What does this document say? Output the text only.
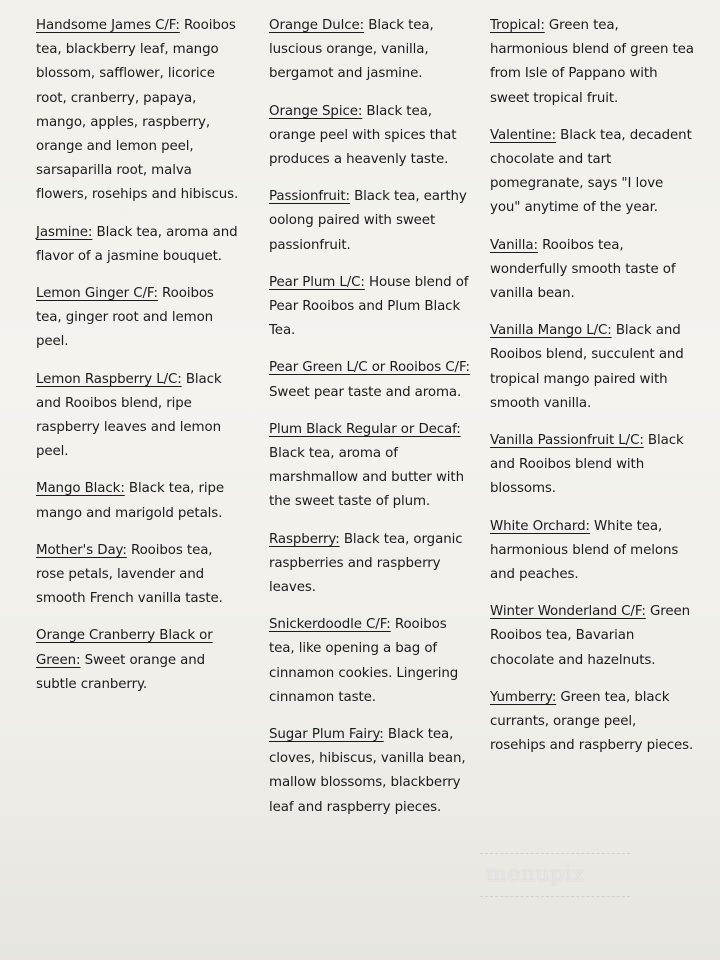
Handsome James C/F: Rooibos tea, blackberry leaf, mango blossom, safflower, licorice root, cranberry, papaya, mango, apples, raspberry, orange and lemon peel, sarsaparilla root, malva flowers, rosehips and hibiscus.
Jasmine: Black tea, aroma and flavor of a jasmine bouquet.
Lemon Ginger C/F: Rooibos tea, ginger root and lemon peel.
Lemon Raspberry L/C: Black and Rooibos blend, ripe raspberry leaves and lemon peel.
Mango Black: Black tea, ripe mango and marigold petals.
Mother's Day: Rooibos tea, rose petals, lavender and smooth French vanilla taste.
Orange Cranberry Black or Green: Sweet orange and subtle cranberry.
Orange Dulce: Black tea, luscious orange, vanilla, bergamot and jasmine.
Orange Spice: Black tea, orange peel with spices that produces a heavenly taste.
Passionfruit: Black tea, earthy oolong paired with sweet passionfruit.
Pear Plum L/C: House blend of Pear Rooibos and Plum Black Tea.
Pear Green L/C or Rooibos C/F: Sweet pear taste and aroma.
Plum Black Regular or Decaf: Black tea, aroma of marshmallow and butter with the sweet taste of plum.
Raspberry: Black tea, organic raspberries and raspberry leaves.
Snickerdoodle C/F: Rooibos tea, like opening a bag of cinnamon cookies. Lingering cinnamon taste.
Sugar Plum Fairy: Black tea, cloves, hibiscus, vanilla bean, mallow blossoms, blackberry leaf and raspberry pieces.
Tropical: Green tea, harmonious blend of green tea from Isle of Pappano with sweet tropical fruit.
Valentine: Black tea, decadent chocolate and tart pomegranate, says "I love you" anytime of the year.
Vanilla: Rooibos tea, wonderfully smooth taste of vanilla bean.
Vanilla Mango L/C: Black and Rooibos blend, succulent and tropical mango paired with smooth vanilla.
Vanilla Passionfruit L/C: Black and Rooibos blend with blossoms.
White Orchard: White tea, harmonious blend of melons and peaches.
Winter Wonderland C/F: Green Rooibos tea, Bavarian chocolate and hazelnuts.
Yumberry: Green tea, black currants, orange peel, rosehips and raspberry pieces.
menupix
